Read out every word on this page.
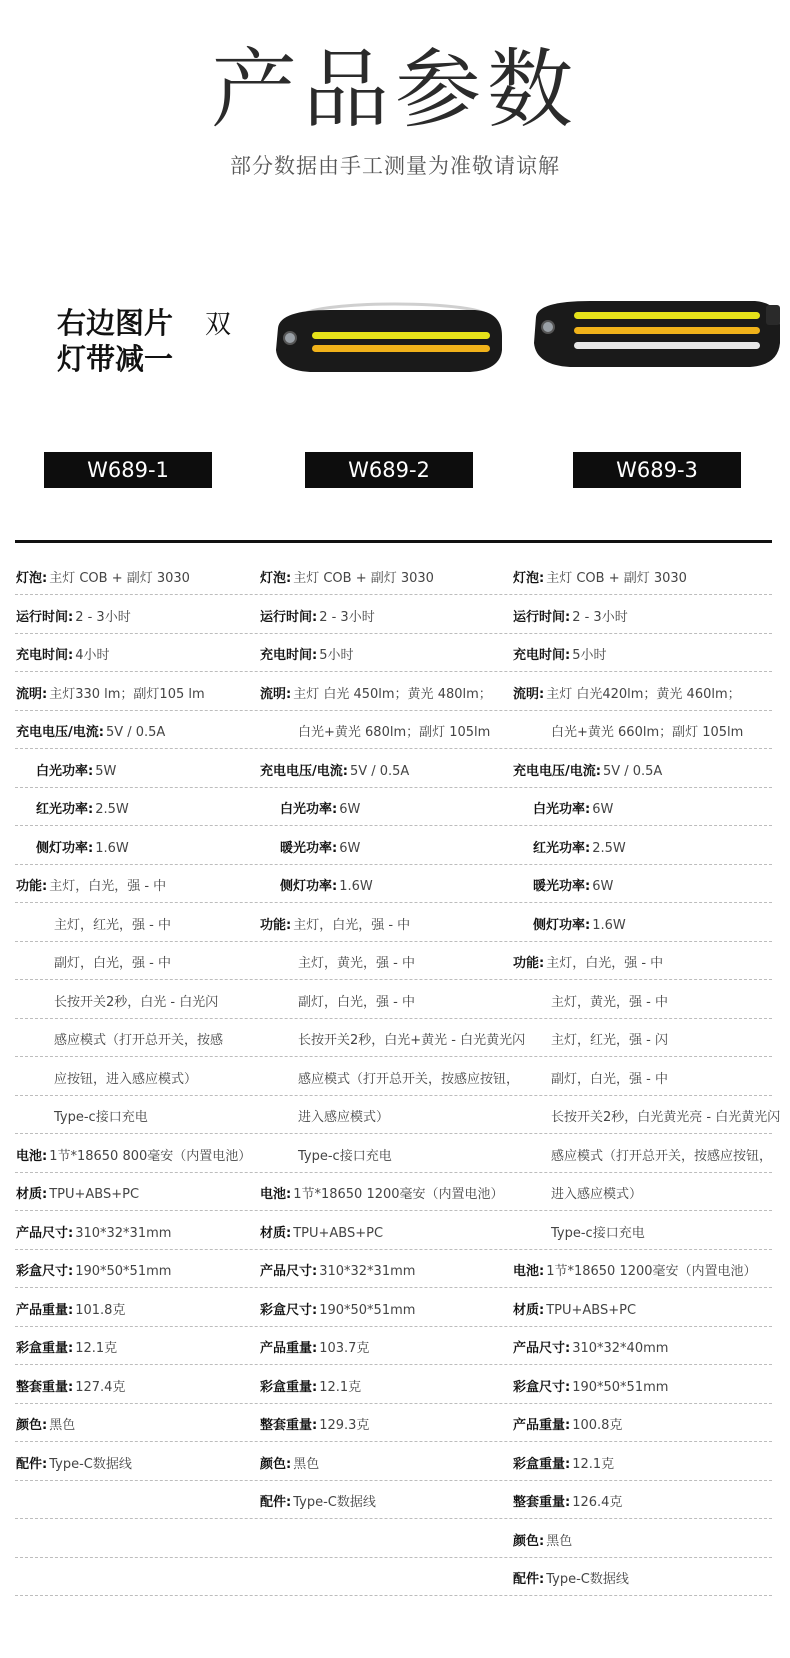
产品参数
部分数据由手工测量为准敬请谅解
右边图片
灯带减一
双
W689-1	W689-2	W689-3
灯泡: 主灯 COB + 副灯 3030
运行时间: 2 - 3小时
充电时间: 4小时
流明: 主灯330 lm；副灯105 lm
充电电压/电流: 5V / 0.5A
白光功率: 5W
红光功率: 2.5W
侧灯功率: 1.6W
功能: 主灯，白光，强 - 中
主灯，红光，强 - 中
副灯，白光，强 - 中
长按开关2秒，白光 - 白光闪
感应模式（打开总开关，按感
应按钮，进入感应模式）
Type-c接口充电
电池: 1节*18650 800毫安（内置电池）
材质: TPU+ABS+PC
产品尺寸: 310*32*31mm
彩盒尺寸: 190*50*51mm
产品重量: 101.8克
彩盒重量: 12.1克
整套重量: 127.4克
颜色: 黑色
配件: Type-C数据线
灯泡: 主灯 COB + 副灯 3030
运行时间: 2 - 3小时
充电时间: 5小时
流明: 主灯 白光 450lm；黄光 480lm；
白光+黄光 680lm；副灯 105lm
充电电压/电流: 5V / 0.5A
白光功率: 6W
暖光功率: 6W
侧灯功率: 1.6W
功能: 主灯，白光，强 - 中
主灯，黄光，强 - 中
副灯，白光，强 - 中
长按开关2秒，白光+黄光 - 白光黄光闪
感应模式（打开总开关，按感应按钮，
进入感应模式）
Type-c接口充电
电池: 1节*18650 1200毫安（内置电池）
材质: TPU+ABS+PC
产品尺寸: 310*32*31mm
彩盒尺寸: 190*50*51mm
产品重量: 103.7克
彩盒重量: 12.1克
整套重量: 129.3克
颜色: 黑色
配件: Type-C数据线
灯泡: 主灯 COB + 副灯 3030
运行时间: 2 - 3小时
充电时间: 5小时
流明: 主灯 白光420lm；黄光 460lm；
白光+黄光 660lm；副灯 105lm
充电电压/电流: 5V / 0.5A
白光功率: 6W
红光功率: 2.5W
暖光功率: 6W
侧灯功率: 1.6W
功能: 主灯，白光，强 - 中
主灯，黄光，强 - 中
主灯，红光，强 - 闪
副灯，白光，强 - 中
长按开关2秒，白光黄光亮 - 白光黄光闪
感应模式（打开总开关，按感应按钮，
进入感应模式）
Type-c接口充电
电池: 1节*18650 1200毫安（内置电池）
材质: TPU+ABS+PC
产品尺寸: 310*32*40mm
彩盒尺寸: 190*50*51mm
产品重量: 100.8克
彩盒重量: 12.1克
整套重量: 126.4克
颜色: 黑色
配件: Type-C数据线
